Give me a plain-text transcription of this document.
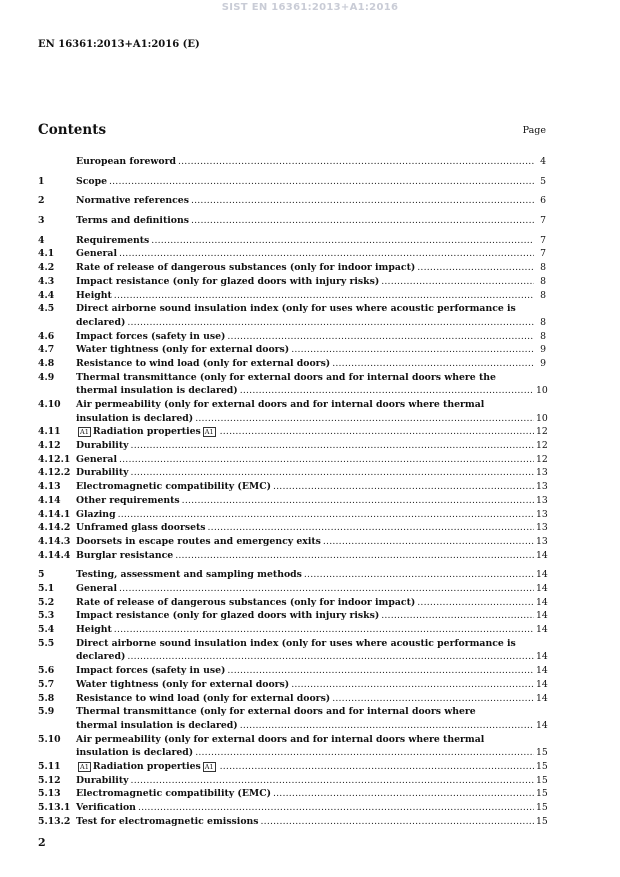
SIST EN 16361:2013+A1:2016
EN 16361:2013+A1:2016 (E)
Contents	Page
European foreword .....	4
1	Scope .....	5
2	Normative references .....	6
3	Terms and definitions .....	7
4	Requirements .....	7
4.1	General .....	7
4.2	Rate of release of dangerous substances (only for indoor impact) .....	8
4.3	Impact resistance (only for glazed doors with injury risks) .....	8
4.4	Height .....	8
4.5	Direct airborne sound insulation index (only for uses where acoustic performance is
declared) .....	8
4.6	Impact forces (safety in use) .....	8
4.7	Water tightness (only for external doors) .....	9
4.8	Resistance to wind load (only for external doors) .....	9
4.9	Thermal transmittance (only for external doors and for internal doors where the
thermal insulation is declared) .....	10
4.10	Air permeability (only for external doors and for internal doors where thermal
insulation is declared) .....	10
4.11	A1 Radiation properties A1 .....	12
4.12	Durability .....	12
4.12.1 General .....	12
4.12.2 Durability .....	13
4.13	Electromagnetic compatibility (EMC) .....	13
4.14	Other requirements .....	13
4.14.1 Glazing .....	13
4.14.2 Unframed glass doorsets .....	13
4.14.3 Doorsets in escape routes and emergency exits .....	13
4.14.4 Burglar resistance .....	14
5	Testing, assessment and sampling methods .....	14
5.1	General .....	14
5.2	Rate of release of dangerous substances (only for indoor impact) .....	14
5.3	Impact resistance (only for glazed doors with injury risks) .....	14
5.4	Height .....	14
5.5	Direct airborne sound insulation index (only for uses where acoustic performance is
declared) .....	14
5.6	Impact forces (safety in use) .....	14
5.7	Water tightness (only for external doors) .....	14
5.8	Resistance to wind load (only for external doors) .....	14
5.9	Thermal transmittance (only for external doors and for internal doors where
thermal insulation is declared) .....	14
5.10	Air permeability (only for external doors and for internal doors where thermal
insulation is declared) .....	15
5.11	A1 Radiation properties A1 .....	15
5.12	Durability .....	15
5.13	Electromagnetic compatibility (EMC) .....	15
5.13.1 Verification .....	15
5.13.2 Test for electromagnetic emissions .....	15
2
